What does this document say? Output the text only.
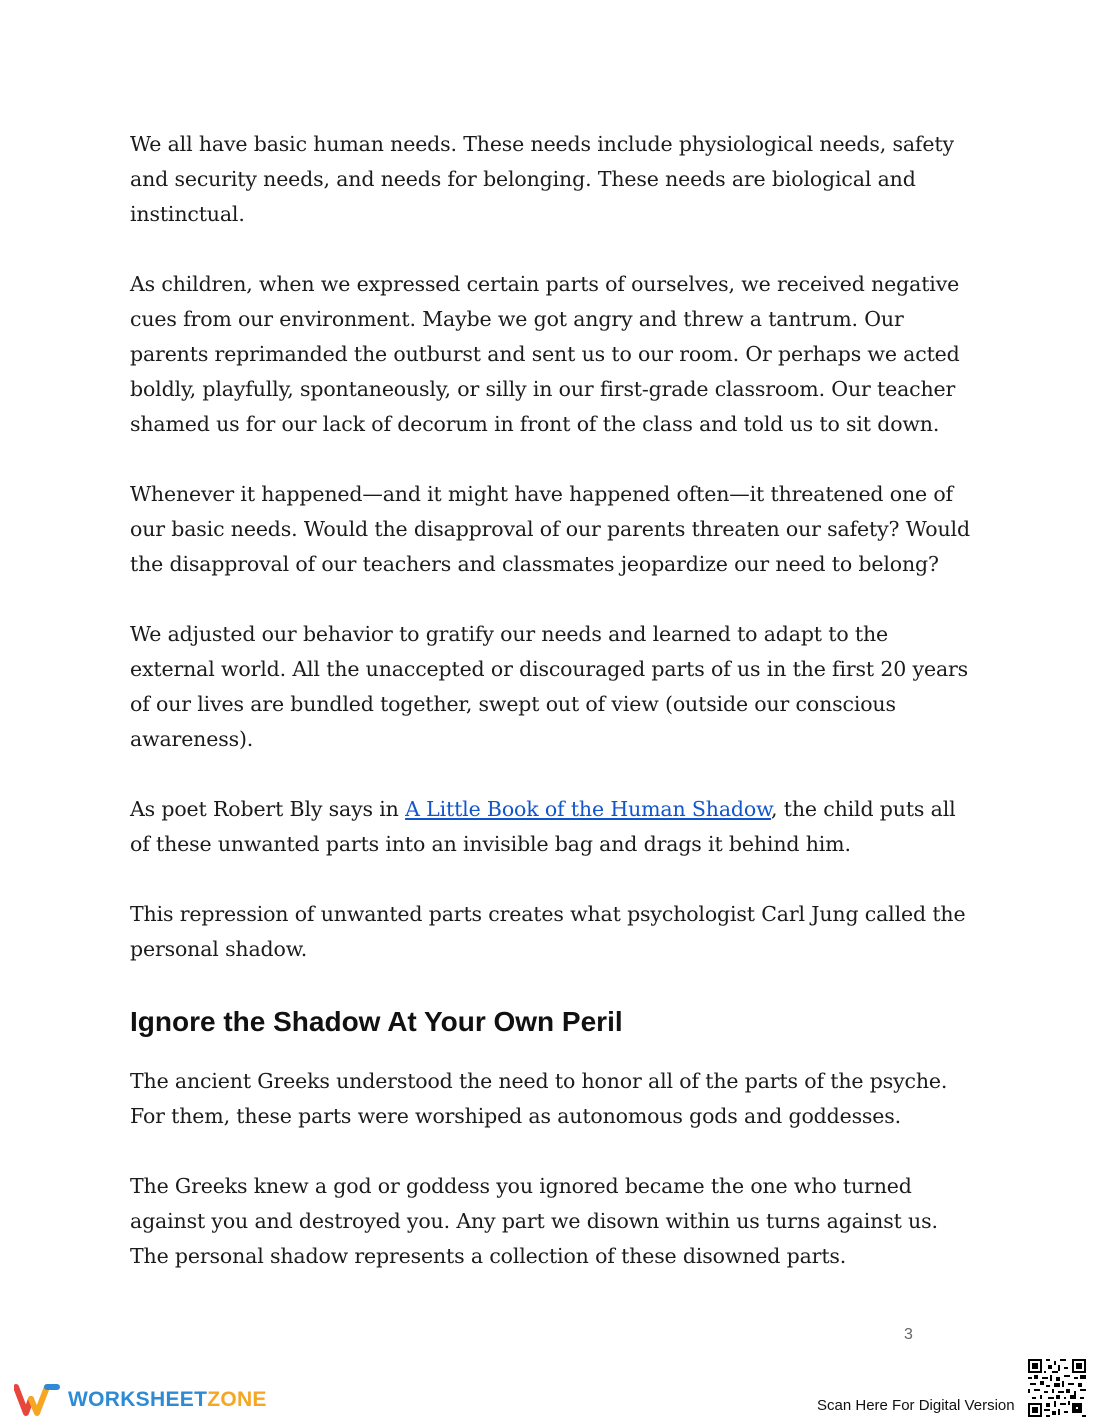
We all have basic human needs. These needs include physiological needs, safety and security needs, and needs for belonging. These needs are biological and instinctual.

As children, when we expressed certain parts of ourselves, we received negative cues from our environment. Maybe we got angry and threw a tantrum. Our parents reprimanded the outburst and sent us to our room. Or perhaps we acted boldly, playfully, spontaneously, or silly in our first-grade classroom. Our teacher shamed us for our lack of decorum in front of the class and told us to sit down.

Whenever it happened—and it might have happened often—it threatened one of our basic needs. Would the disapproval of our parents threaten our safety? Would the disapproval of our teachers and classmates jeopardize our need to belong?

We adjusted our behavior to gratify our needs and learned to adapt to the external world. All the unaccepted or discouraged parts of us in the first 20 years of our lives are bundled together, swept out of view (outside our conscious awareness).

As poet Robert Bly says in A Little Book of the Human Shadow, the child puts all of these unwanted parts into an invisible bag and drags it behind him.

This repression of unwanted parts creates what psychologist Carl Jung called the personal shadow.

Ignore the Shadow At Your Own Peril

The ancient Greeks understood the need to honor all of the parts of the psyche. For them, these parts were worshiped as autonomous gods and goddesses.

The Greeks knew a god or goddess you ignored became the one who turned against you and destroyed you. Any part we disown within us turns against us. The personal shadow represents a collection of these disowned parts.

3
WORKSHEETZONE	Scan Here For Digital Version
